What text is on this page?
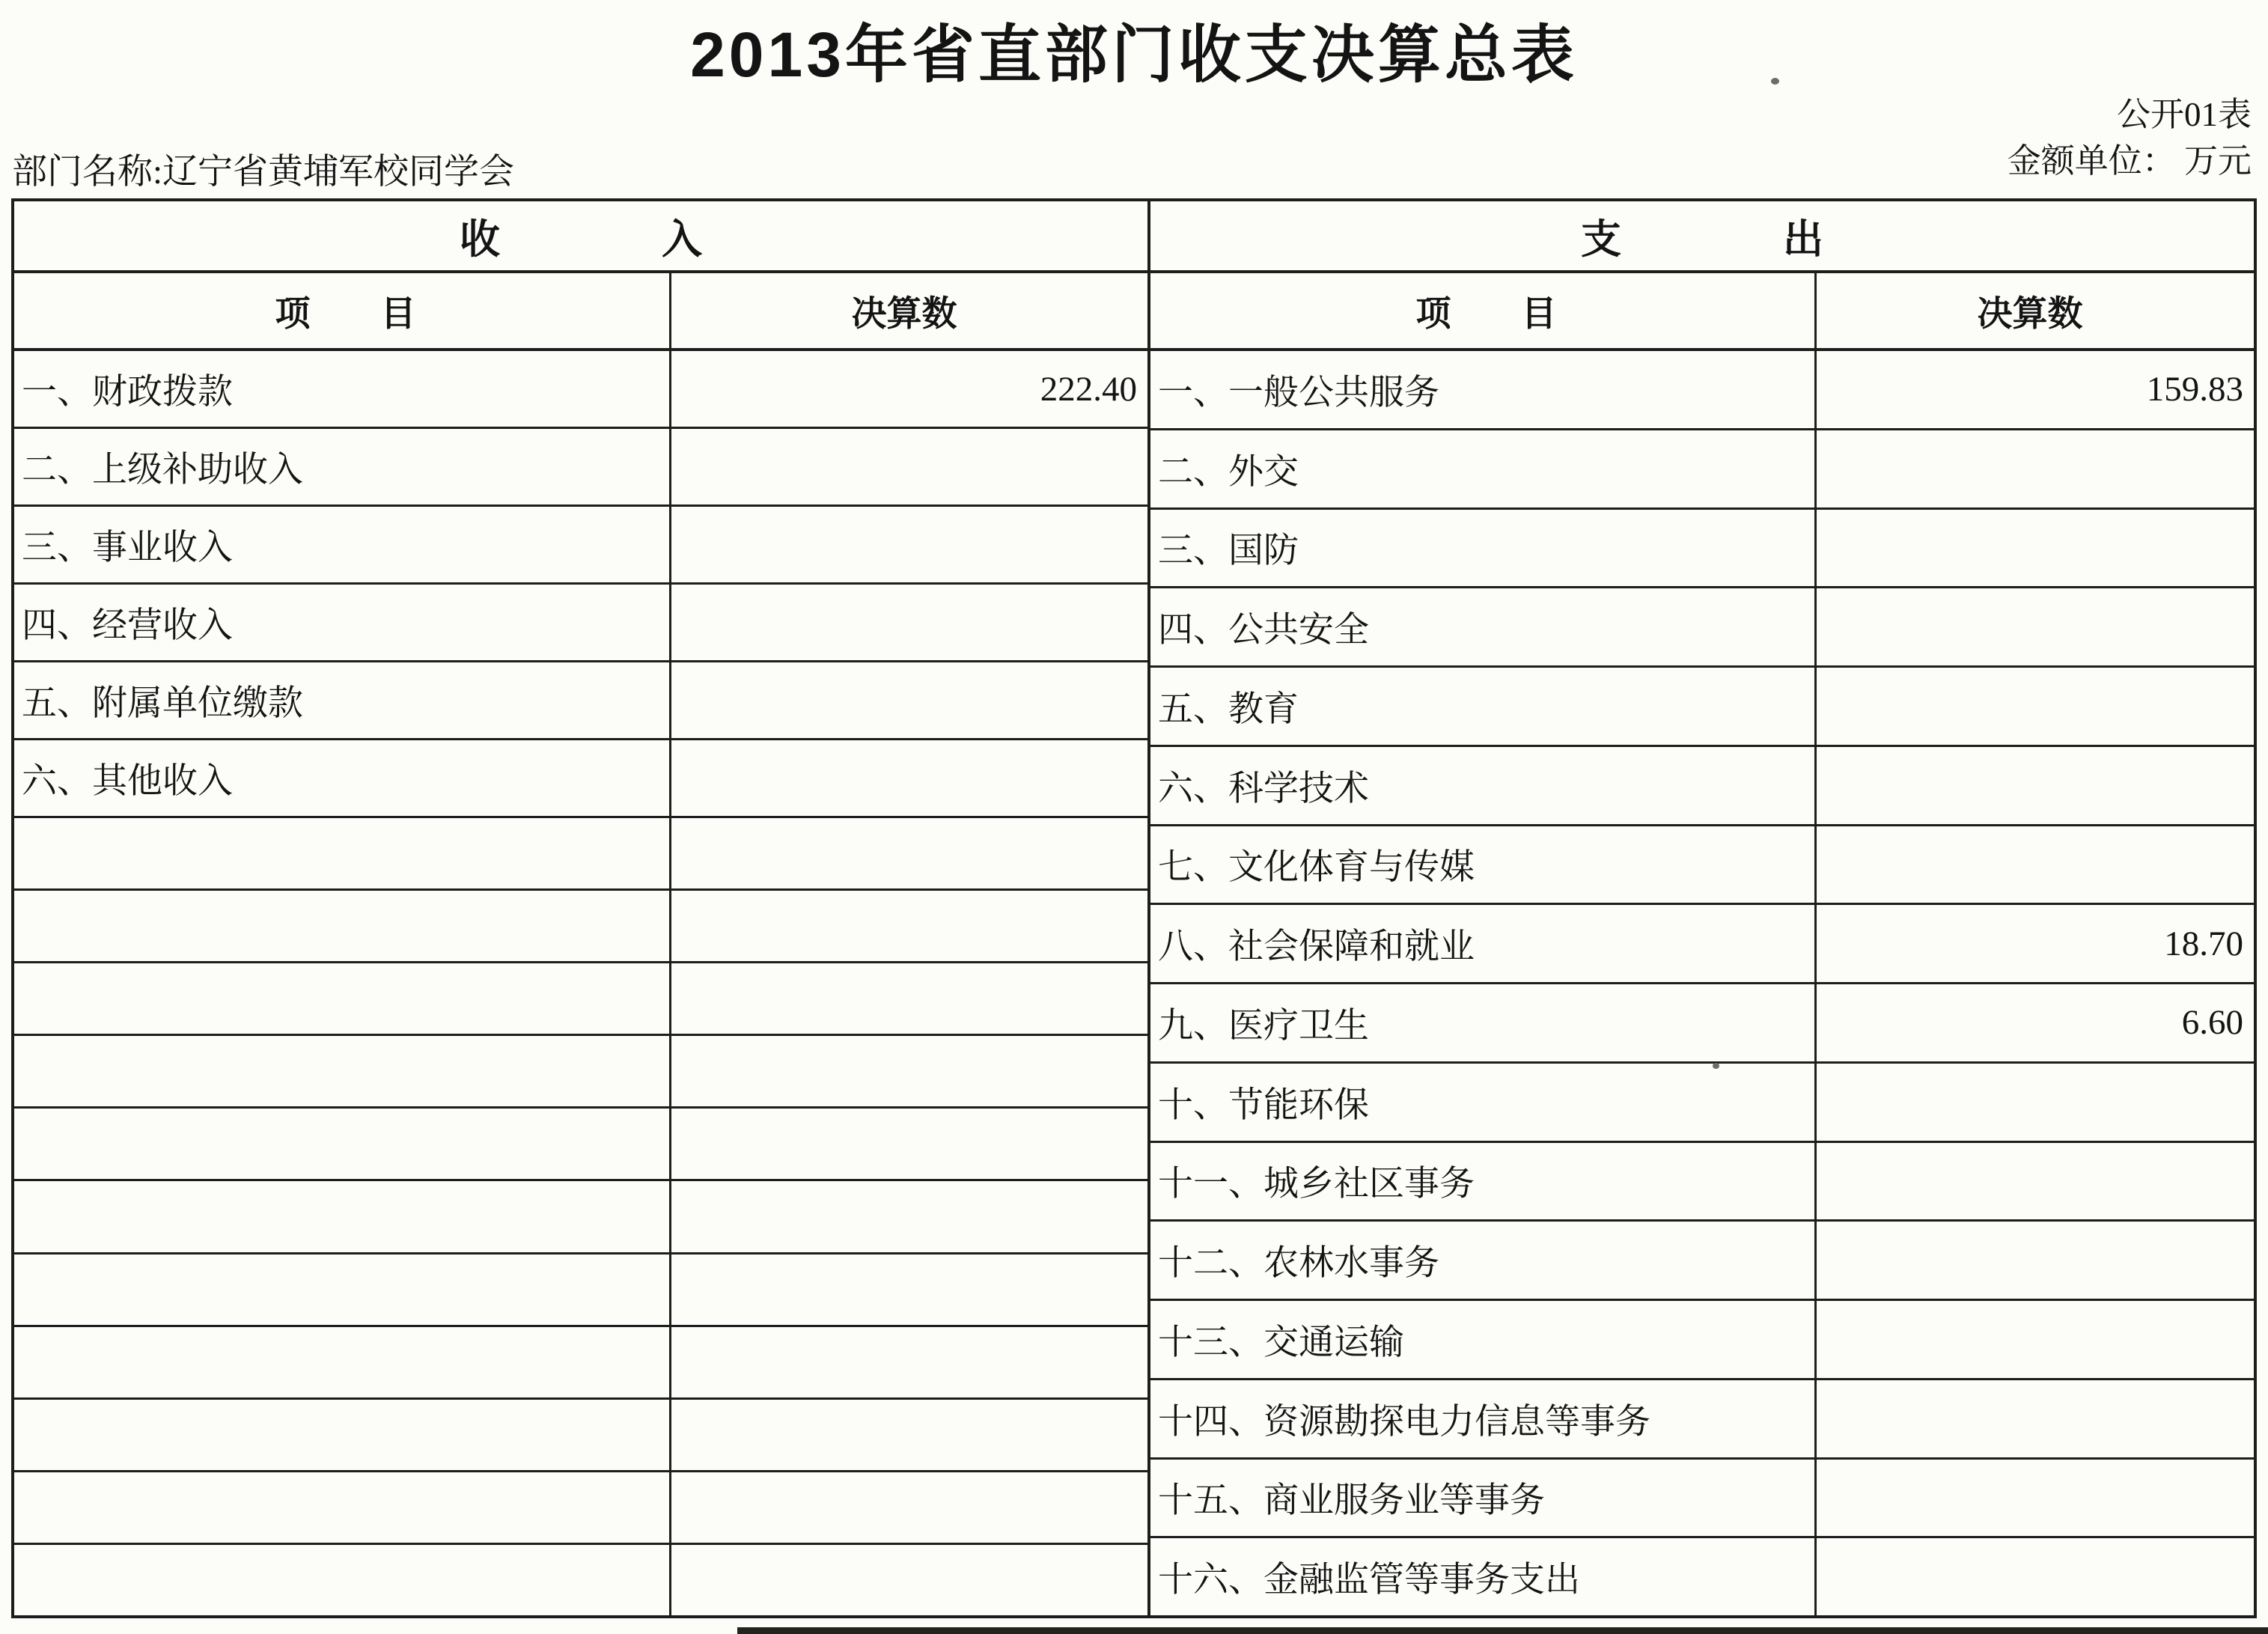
2013年省直部门收支决算总表
公开01表
金额单位： 万元
部门名称:辽宁省黄埔军校同学会
收　　　　入
项　　目	决算数
一、财政拨款	222.40
二、上级补助收入
三、事业收入
四、经营收入
五、附属单位缴款
六、其他收入
支　　　　出
项　　目	决算数
一、一般公共服务	159.83
二、外交
三、国防
四、公共安全
五、教育
六、科学技术
七、文化体育与传媒
八、社会保障和就业	18.70
九、医疗卫生	6.60
十、节能环保
十一、城乡社区事务
十二、农林水事务
十三、交通运输
十四、资源勘探电力信息等事务
十五、商业服务业等事务
十六、金融监管等事务支出
